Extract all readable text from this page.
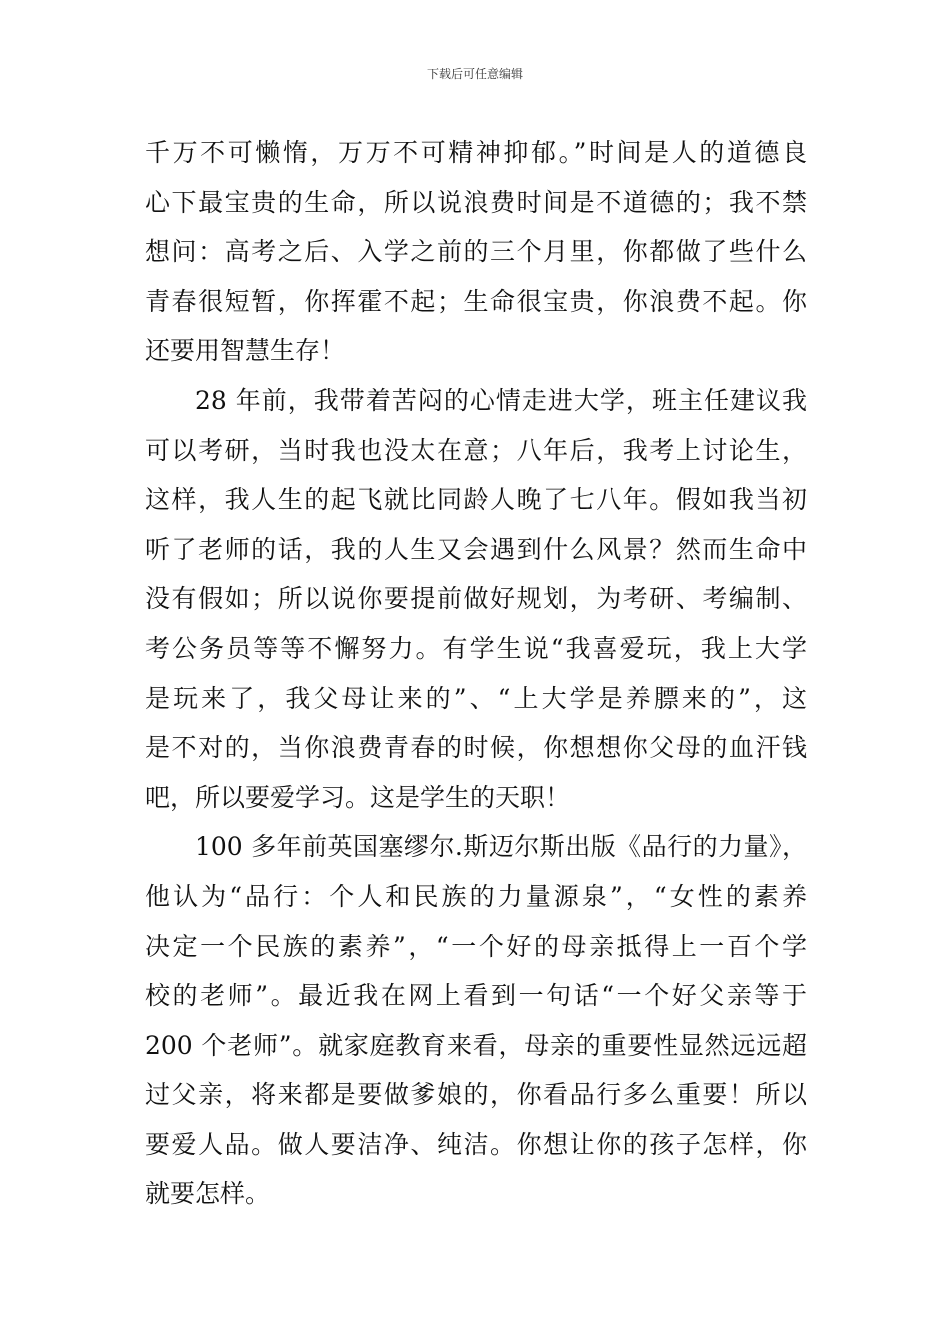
下载后可任意编辑
千万不可懒惰，万万不可精神抑郁。”时间是人的道德良
心下最宝贵的生命，所以说浪费时间是不道德的；我不禁
想问：高考之后、入学之前的三个月里，你都做了些什么
青春很短暂，你挥霍不起；生命很宝贵，你浪费不起。你
还要用智慧生存！
28 年前，我带着苦闷的心情走进大学，班主任建议我
可以考研，当时我也没太在意；八年后，我考上讨论生，
这样，我人生的起飞就比同龄人晚了七八年。假如我当初
听了老师的话，我的人生又会遇到什么风景？然而生命中
没有假如；所以说你要提前做好规划，为考研、考编制、
考公务员等等不懈努力。有学生说“我喜爱玩，我上大学
是玩来了，我父母让来的”、“上大学是养膘来的”，这
是不对的，当你浪费青春的时候，你想想你父母的血汗钱
吧，所以要爱学习。这是学生的天职！
100 多年前英国塞缪尔.斯迈尔斯出版《品行的力量》，
他认为“品行：个人和民族的力量源泉”，“女性的素养
决定一个民族的素养”，“一个好的母亲抵得上一百个学
校的老师”。最近我在网上看到一句话“一个好父亲等于
200 个老师”。就家庭教育来看，母亲的重要性显然远远超
过父亲，将来都是要做爹娘的，你看品行多么重要！所以
要爱人品。做人要洁净、纯洁。你想让你的孩子怎样，你
就要怎样。
